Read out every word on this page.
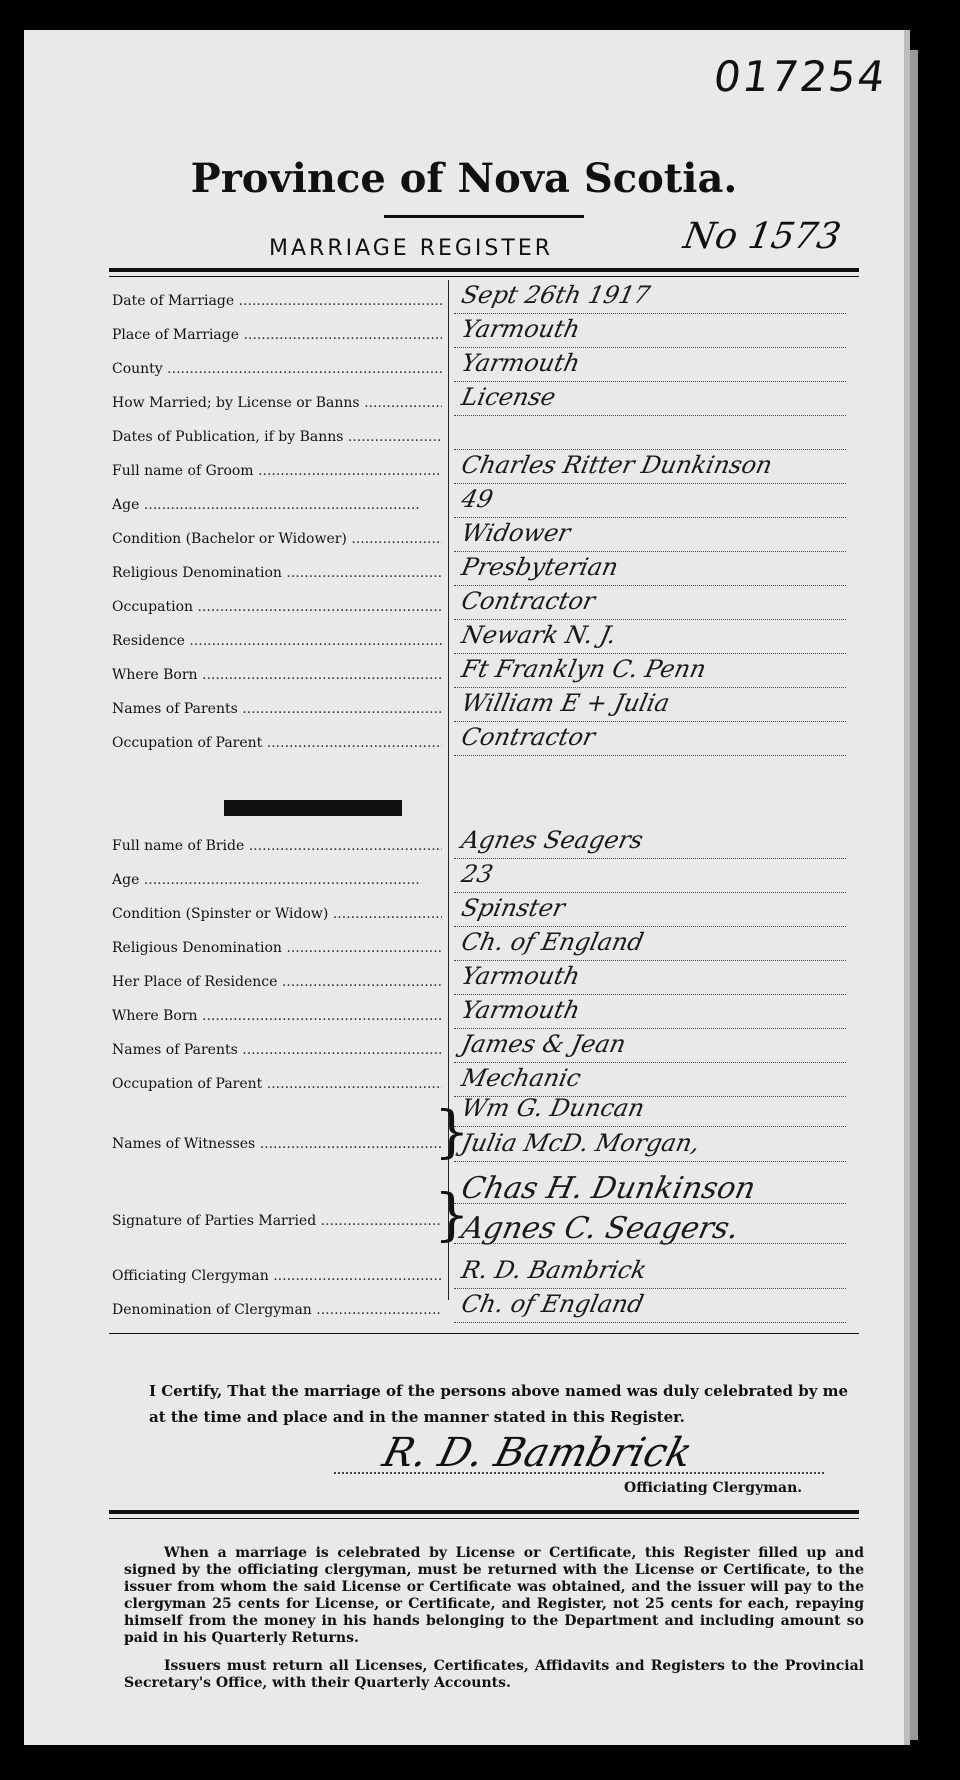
017254
Province of Nova Scotia.
MARRIAGE REGISTER	No 1573
Date of Marriage .....	Sept 26th 1917
Place of Marriage .....	Yarmouth
County .....	Yarmouth
How Married; by License or Banns .....	License
Dates of Publication, if by Banns .....
Full name of Groom .....	Charles Ritter Dunkinson
Age .....	49
Condition (Bachelor or Widower) .....	Widower
Religious Denomination .....	Presbyterian
Occupation .....	Contractor
Residence .....	Newark N. J.
Where Born .....	Ft Franklyn C. Penn
Names of Parents .....	William E + Julia
Occupation of Parent .....	Contractor
Full name of Bride .....	Agnes Seagers
Age .....	23
Condition (Spinster or Widow) .....	Spinster
Religious Denomination .....	Ch. of England
Her Place of Residence .....	Yarmouth
Where Born .....	Yarmouth
Names of Parents .....	James & Jean
Occupation of Parent .....	Mechanic
Names of Witnesses .....
Wm G. Duncan
Julia McD. Morgan,
}
Signature of Parties Married .....
Chas H. Dunkinson
Agnes C. Seagers.
}
Officiating Clergyman .....	R. D. Bambrick
Denomination of Clergyman .....	Ch. of England
I Certify, That the marriage of the persons above named was duly celebrated by me at the time and place and in the manner stated in this Register.
R. D. Bambrick
Officiating Clergyman.
When a marriage is celebrated by License or Certificate, this Register filled up and signed by the officiating clergyman, must be returned with the License or Certificate, to the issuer from whom the said License or Certificate was obtained, and the issuer will pay to the clergyman 25 cents for License, or Certificate, and Register, not 25 cents for each, repaying himself from the money in his hands belonging to the Department and including amount so paid in his Quarterly Returns.
Issuers must return all Licenses, Certificates, Affidavits and Registers to the Provincial Secretary's Office, with their Quarterly Accounts.
